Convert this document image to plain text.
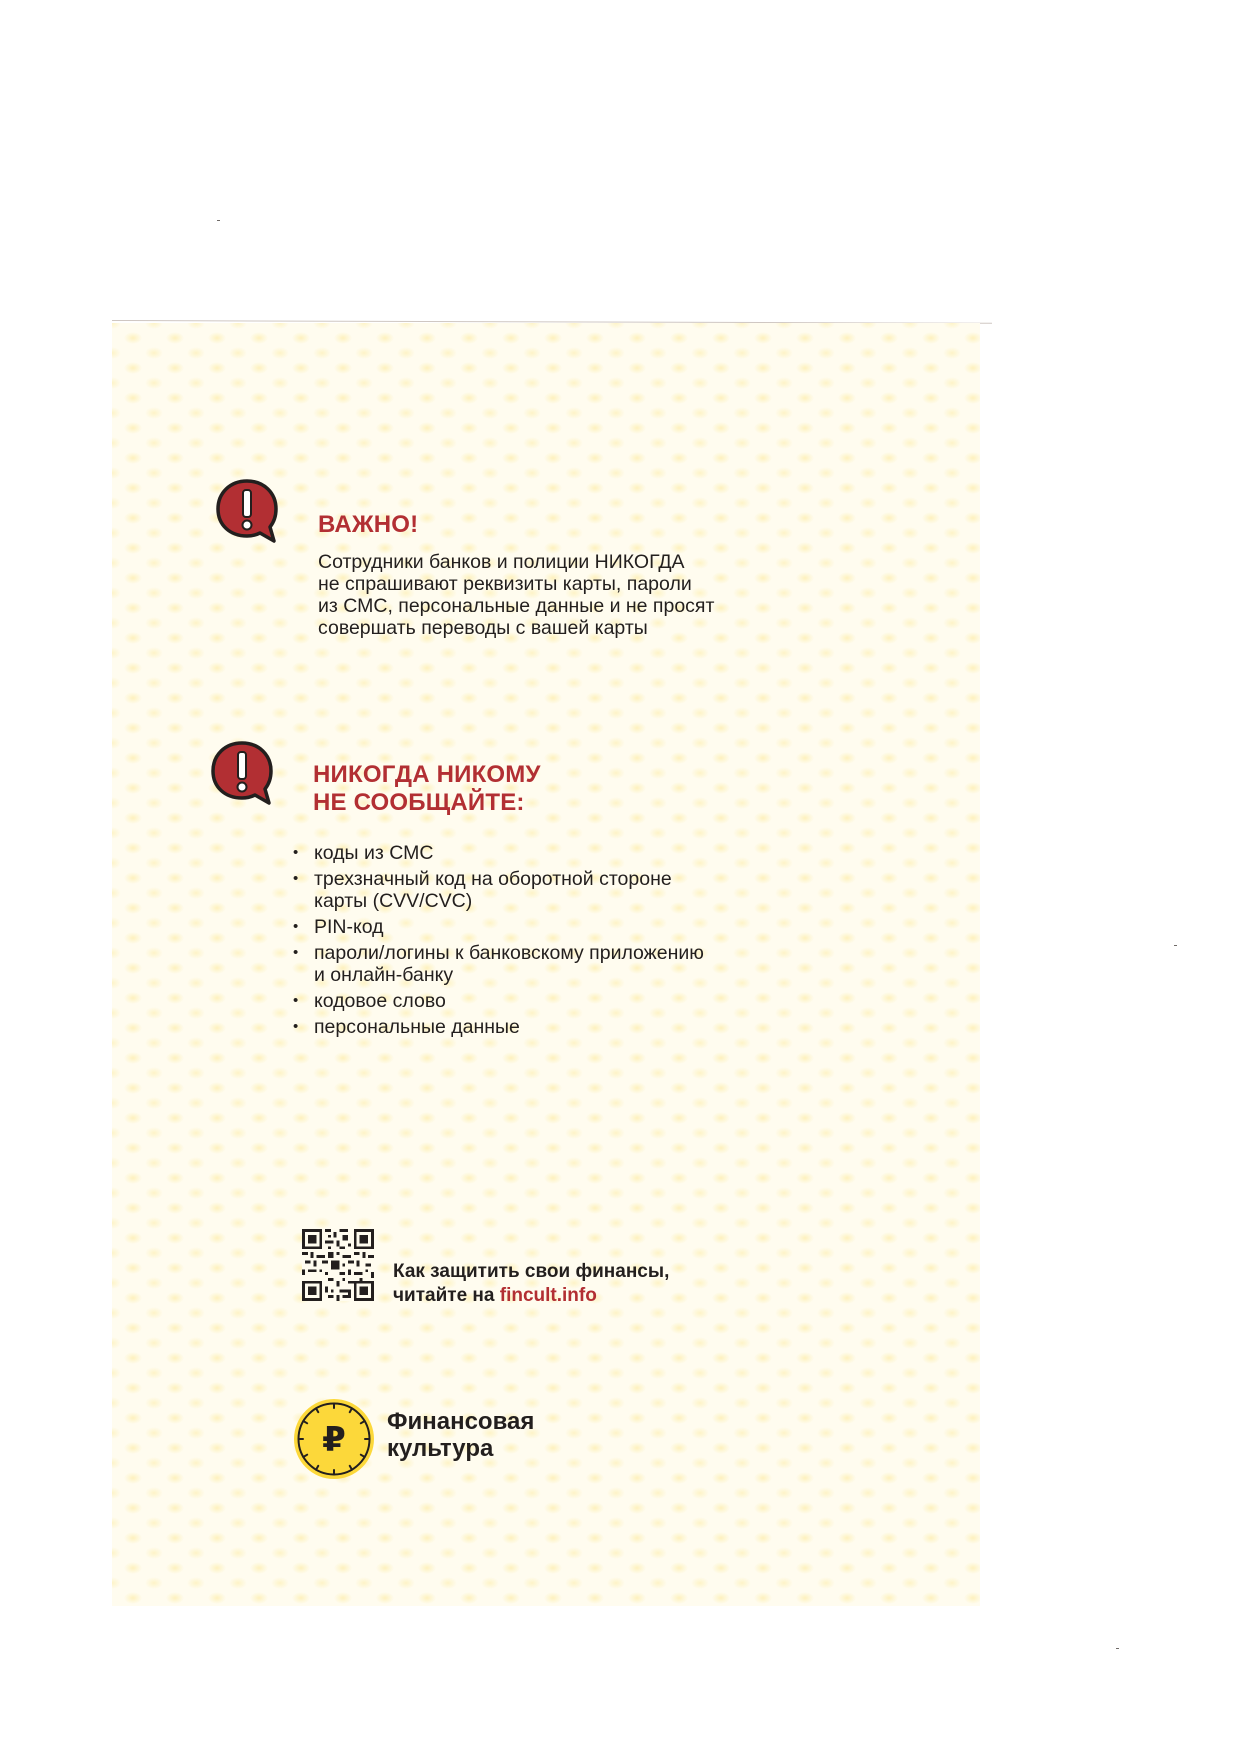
ВАЖНО!
Сотрудники банков и полиции НИКОГДА
не спрашивают реквизиты карты, пароли
из СМС, персональные данные и не просят
совершать переводы с вашей карты
НИКОГДА НИКОМУ
НЕ СООБЩАЙТЕ:
• коды из СМС
• трехзначный код на оборотной стороне
карты (CVV/CVC)
• PIN-код
• пароли/логины к банковскому приложению
и онлайн-банку
• кодовое слово
• персональные данные
Как защитить свои финансы,
читайте на fincult.info
₽ Финансовая
культура
